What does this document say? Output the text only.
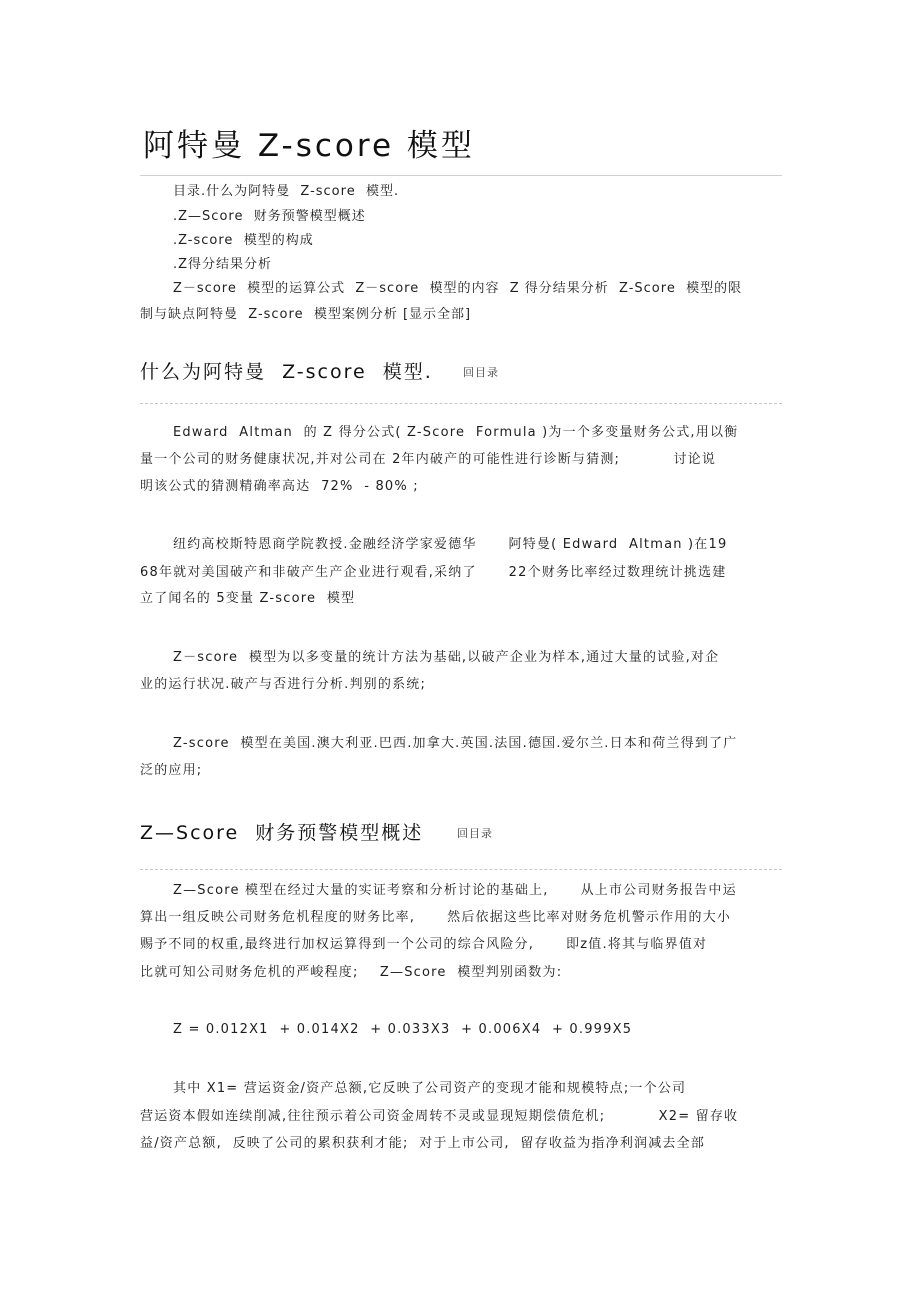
阿特曼 Z-score 模型
目录.什么为阿特曼  Z-score  模型.
.Z—Score  财务预警模型概述
.Z-score  模型的构成
.Z得分结果分析
Z－score  模型的运算公式  Z－score  模型的内容  Z 得分结果分析  Z-Score  模型的限
制与缺点阿特曼  Z-score  模型案例分析 [显示全部]
什么为阿特曼  Z-score  模型.	回目录
Edward  Altman  的 Z 得分公式( Z-Score  Formula )为一个多变量财务公式,用以衡
量一个公司的财务健康状况,并对公司在 2年内破产的可能性进行诊断与猜测;          讨论说
明该公式的猜测精确率高达  72%  - 80% ;
纽约高校斯特恩商学院教授.金融经济学家爱德华      阿特曼( Edward  Altman )在19
68年就对美国破产和非破产生产企业进行观看,采纳了      22个财务比率经过数理统计挑选建
立了闻名的 5变量 Z-score  模型
Z－score  模型为以多变量的统计方法为基础,以破产企业为样本,通过大量的试验,对企
业的运行状况.破产与否进行分析.判别的系统;
Z-score  模型在美国.澳大利亚.巴西.加拿大.英国.法国.德国.爱尔兰.日本和荷兰得到了广
泛的应用;
Z—Score  财务预警模型概述	回目录
Z—Score 模型在经过大量的实证考察和分析讨论的基础上,      从上市公司财务报告中运
算出一组反映公司财务危机程度的财务比率,      然后依据这些比率对财务危机警示作用的大小
赐予不同的权重,最终进行加权运算得到一个公司的综合风险分,      即z值.将其与临界值对
比就可知公司财务危机的严峻程度;    Z—Score  模型判别函数为:
Z = 0.012X1  + 0.014X2  + 0.033X3  + 0.006X4  + 0.999X5
其中 X1= 营运资金/资产总额,它反映了公司资产的变现才能和规模特点;一个公司
营运资本假如连续削减,往往预示着公司资金周转不灵或显现短期偿债危机;          X2= 留存收
益/资产总额,  反映了公司的累积获利才能;  对于上市公司,  留存收益为指净利润减去全部
